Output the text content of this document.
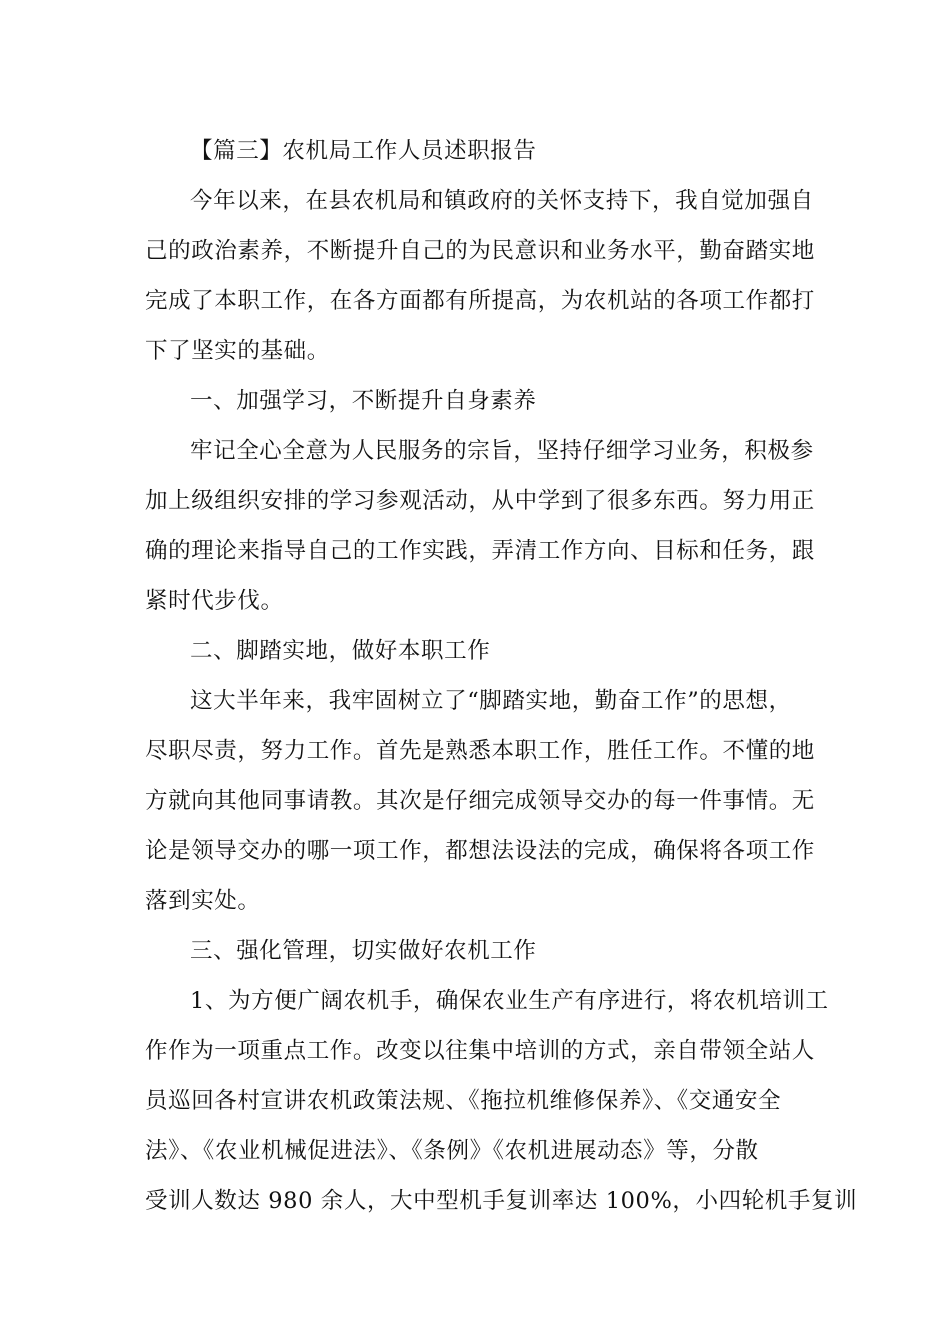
【篇三】农机局工作人员述职报告
今年以来，在县农机局和镇政府的关怀支持下，我自觉加强自
己的政治素养，不断提升自己的为民意识和业务水平，勤奋踏实地
完成了本职工作，在各方面都有所提高，为农机站的各项工作都打
下了坚实的基础。
一、加强学习，不断提升自身素养
牢记全心全意为人民服务的宗旨，坚持仔细学习业务，积极参
加上级组织安排的学习参观活动，从中学到了很多东西。努力用正
确的理论来指导自己的工作实践，弄清工作方向、目标和任务，跟
紧时代步伐。
二、脚踏实地，做好本职工作
这大半年来，我牢固树立了“脚踏实地，勤奋工作”的思想，
尽职尽责，努力工作。首先是熟悉本职工作，胜任工作。不懂的地
方就向其他同事请教。其次是仔细完成领导交办的每一件事情。无
论是领导交办的哪一项工作，都想法设法的完成，确保将各项工作
落到实处。
三、强化管理，切实做好农机工作
1、为方便广阔农机手，确保农业生产有序进行，将农机培训工
作作为一项重点工作。改变以往集中培训的方式，亲自带领全站人
员巡回各村宣讲农机政策法规、《拖拉机维修保养》、《交通安全
法》、《农业机械促进法》、《条例》《农机进展动态》等，分散
受训人数达 980 余人，大中型机手复训率达 100%，小四轮机手复训
